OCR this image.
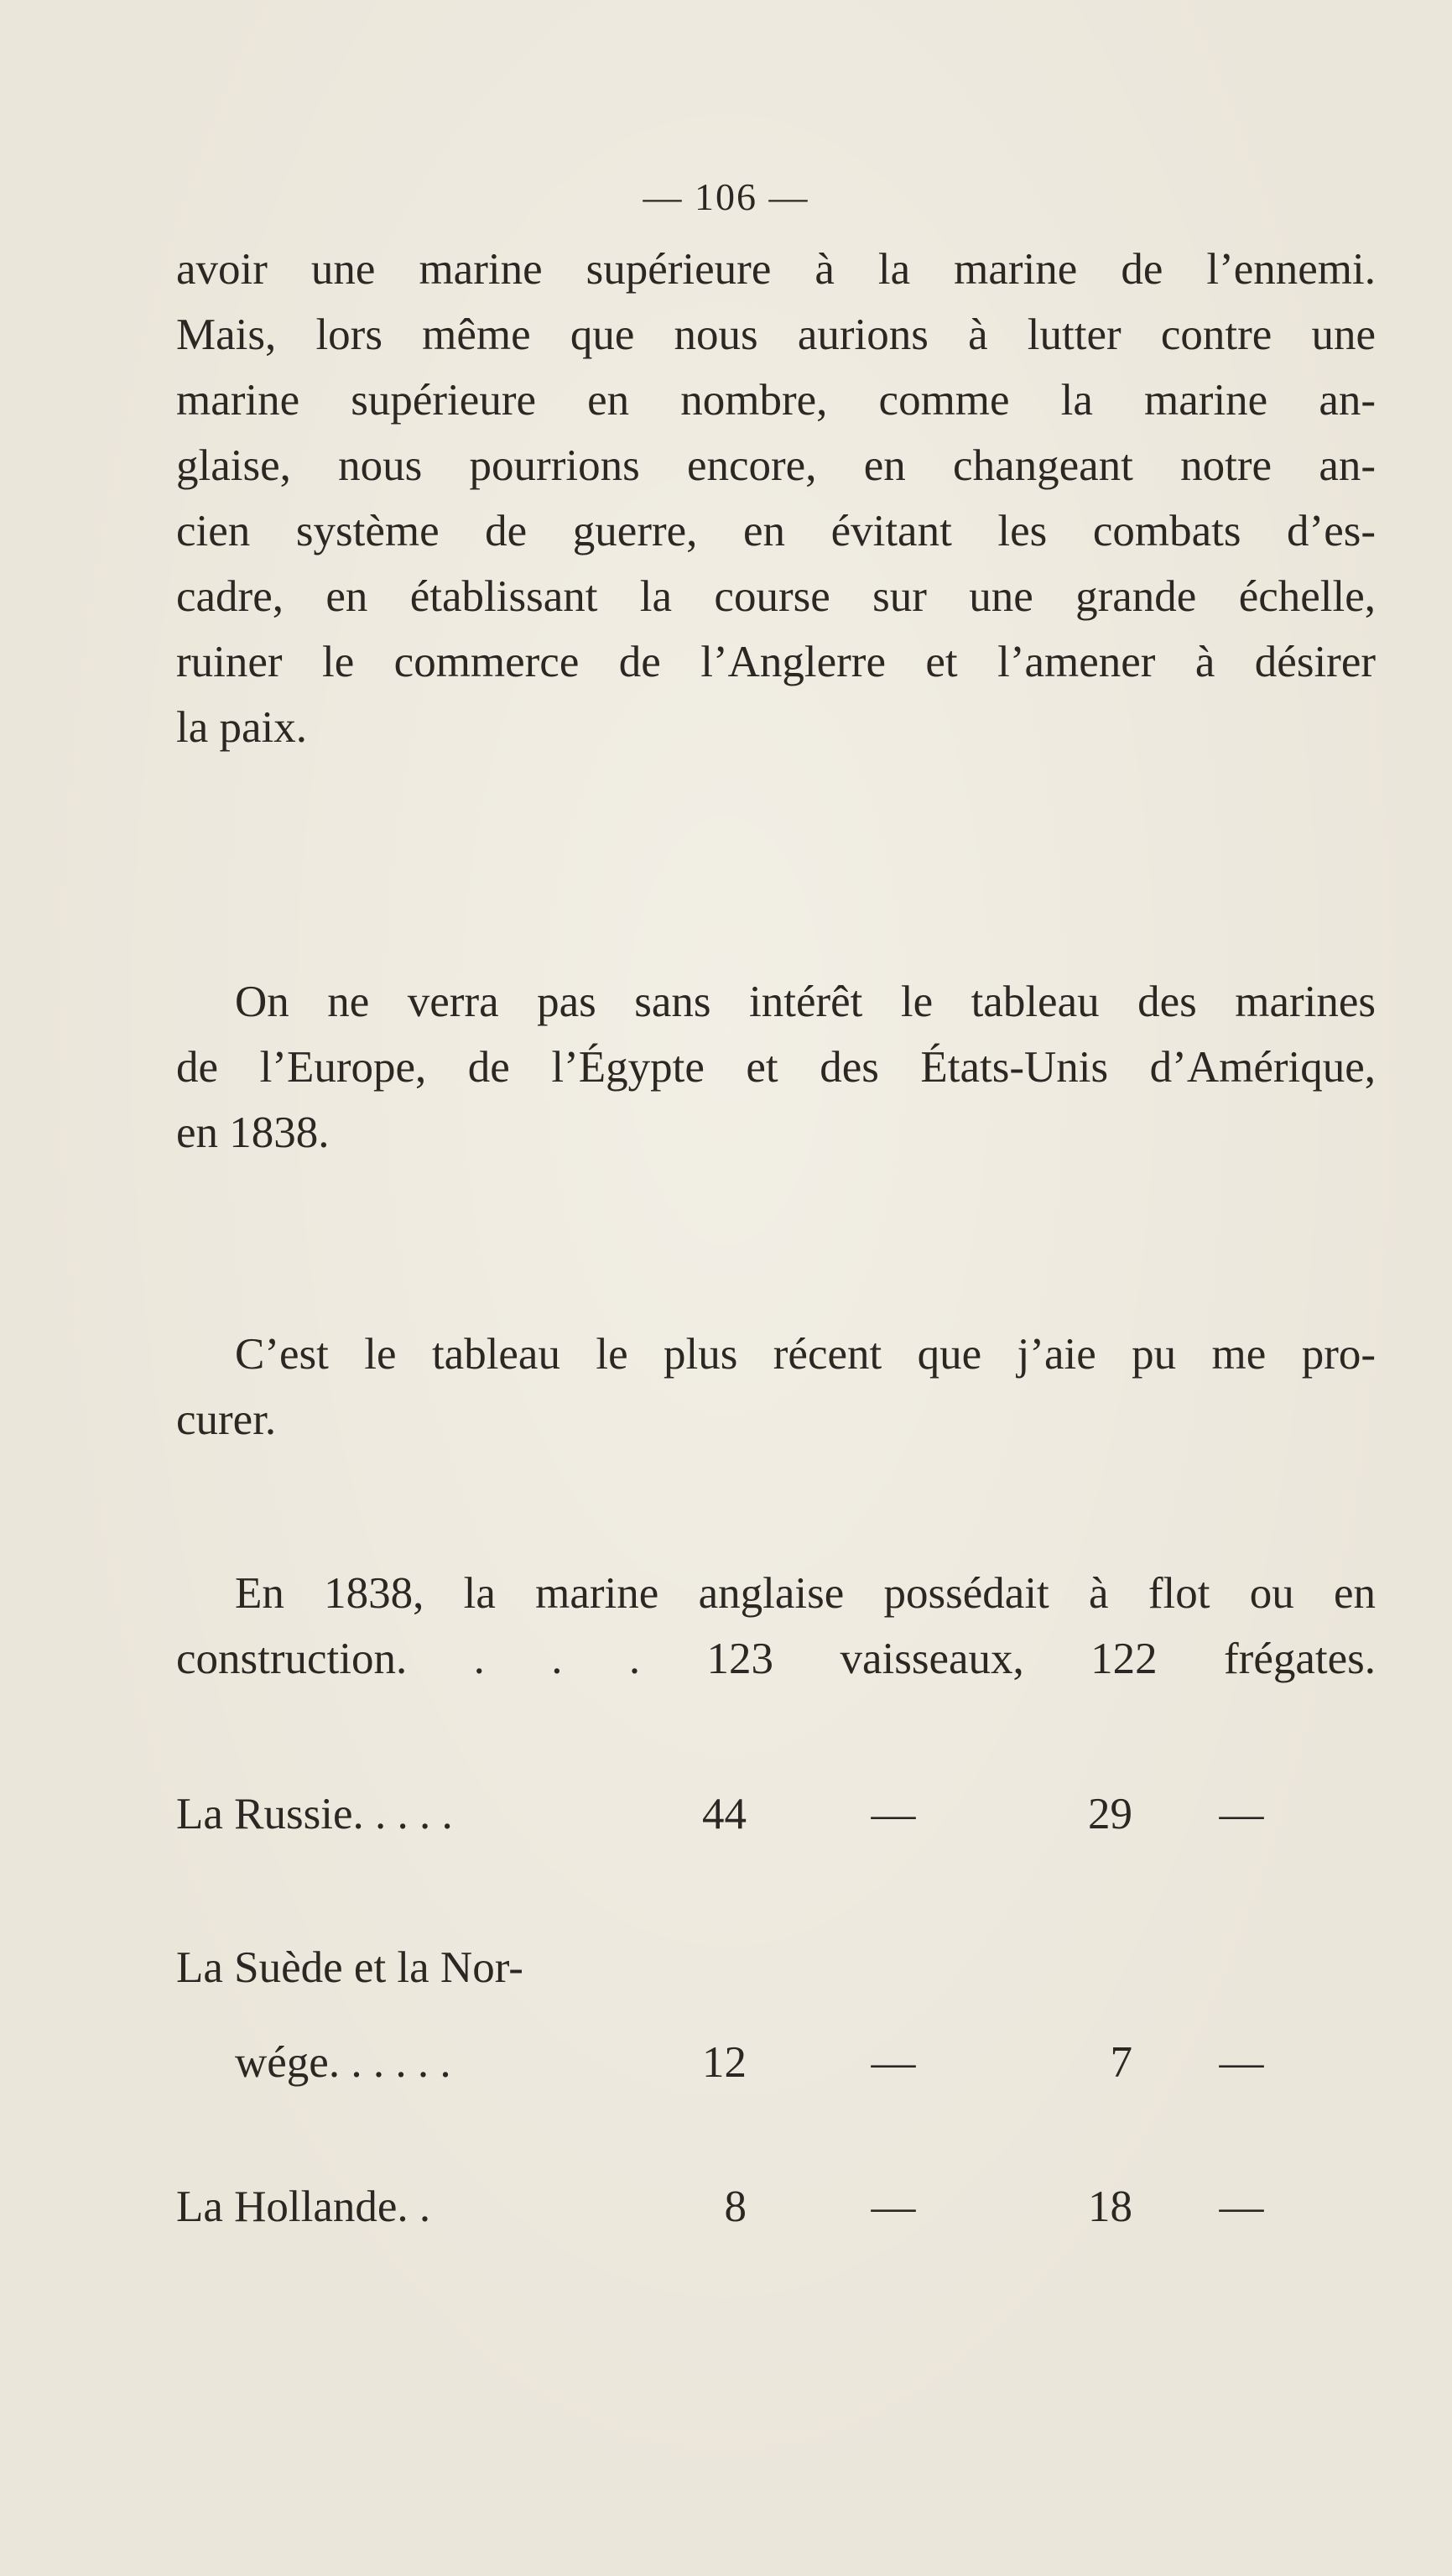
— 106 —

avoir une marine supérieure à la marine de l’ennemi.
Mais, lors même que nous aurions à lutter contre une
marine supérieure en nombre, comme la marine an-
glaise, nous pourrions encore, en changeant notre an-
cien système de guerre, en évitant les combats d’es-
cadre, en établissant la course sur une grande échelle,
ruiner le commerce de l’Anglerre et l’amener à désirer
la paix.

On ne verra pas sans intérêt le tableau des marines
de l’Europe, de l’Égypte et des États-Unis d’Amérique,
en 1838.

C’est le tableau le plus récent que j’aie pu me pro-
curer.

En 1838, la marine anglaise possédait à flot ou en
construction. . . . 123 vaisseaux, 122 frégates.

La Russie. . . . .	44	—	29 —
La Suède et la Nor-
wége. . . . . .	12	—	7 —
La Hollande. .	8	—	18 —
